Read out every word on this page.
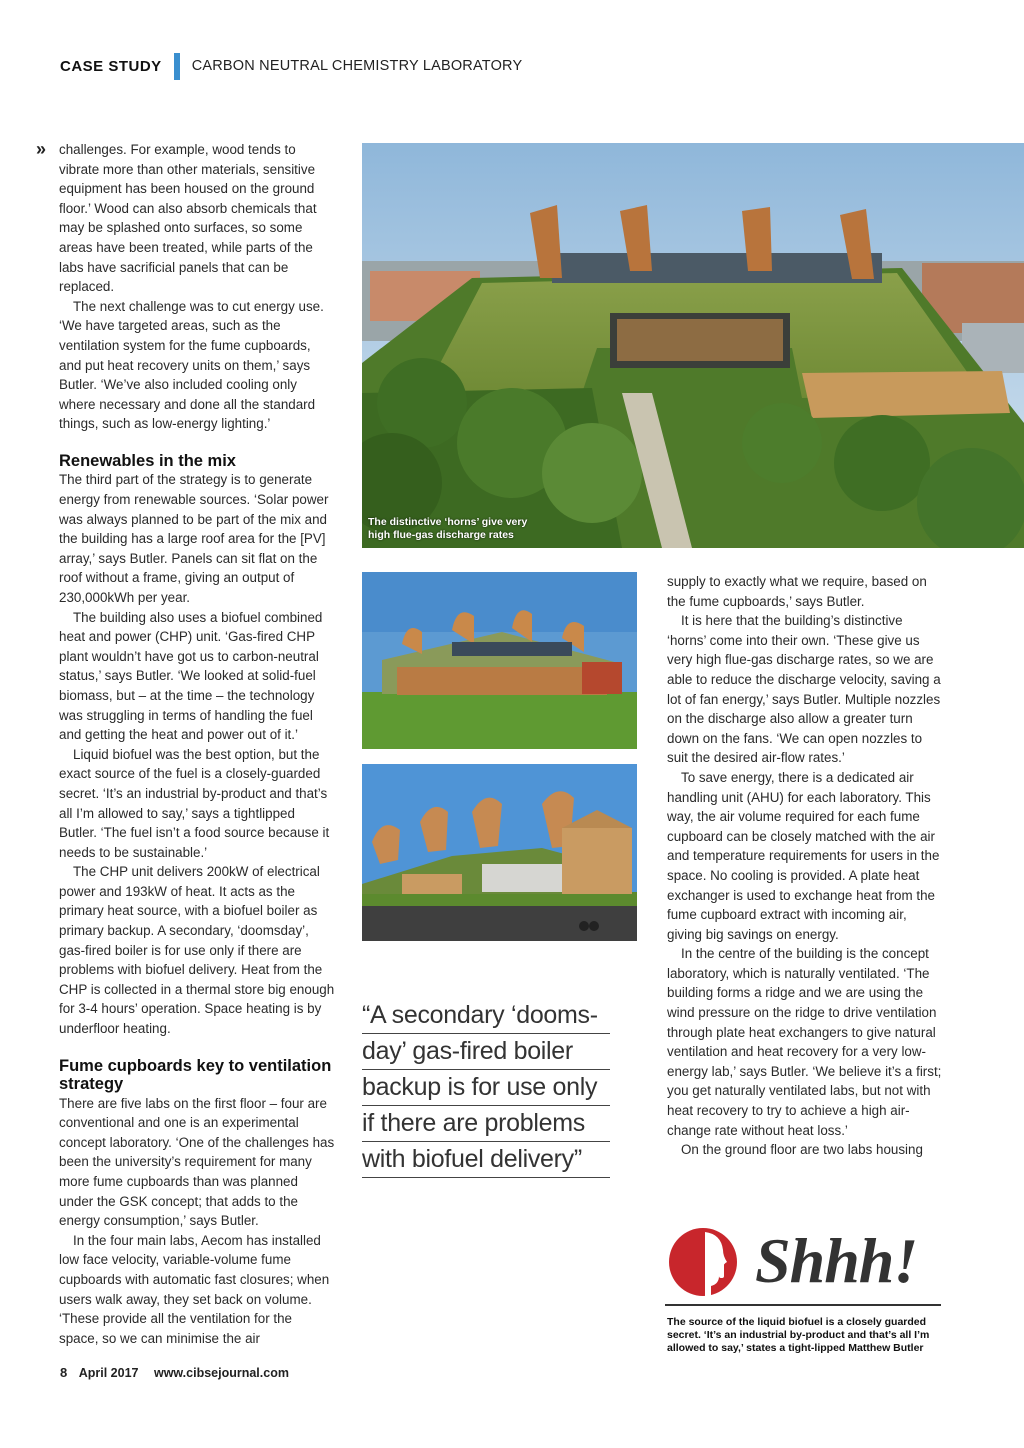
CASE STUDY CARBON NEUTRAL CHEMISTRY LABORATORY
» challenges. For example, wood tends to vibrate more than other materials, sensitive equipment has been housed on the ground floor.’ Wood can also absorb chemicals that may be splashed onto surfaces, so some areas have been treated, while parts of the labs have sacrificial panels that can be replaced.

The next challenge was to cut energy use. ‘We have targeted areas, such as the ventilation system for the fume cupboards, and put heat recovery units on them,’ says Butler. ‘We’ve also included cooling only where necessary and done all the standard things, such as low-energy lighting.’

Renewables in the mix

The third part of the strategy is to generate energy from renewable sources. ‘Solar power was always planned to be part of the mix and the building has a large roof area for the [PV] array,’ says Butler. Panels can sit flat on the roof without a frame, giving an output of 230,000kWh per year.

The building also uses a biofuel combined heat and power (CHP) unit. ‘Gas-fired CHP plant wouldn’t have got us to carbon-neutral status,’ says Butler. ‘We looked at solid-fuel biomass, but – at the time – the technology was struggling in terms of handling the fuel and getting the heat and power out of it.’

Liquid biofuel was the best option, but the exact source of the fuel is a closely-guarded secret. ‘It’s an industrial by-product and that’s all I’m allowed to say,’ says a tightlipped Butler. ‘The fuel isn’t a food source because it needs to be sustainable.’

The CHP unit delivers 200kW of electrical power and 193kW of heat. It acts as the primary heat source, with a biofuel boiler as primary backup. A secondary, ‘doomsday’, gas-fired boiler is for use only if there are problems with biofuel delivery. Heat from the CHP is collected in a thermal store big enough for 3-4 hours’ operation. Space heating is by underfloor heating.

Fume cupboards key to ventilation strategy

There are five labs on the first floor – four are conventional and one is an experimental concept laboratory. ‘One of the challenges has been the university’s requirement for many more fume cupboards than was planned under the GSK concept; that adds to the energy consumption,’ says Butler.

In the four main labs, Aecom has installed low face velocity, variable-volume fume cupboards with automatic fast closures; when users walk away, they set back on volume. ‘These provide all the ventilation for the space, so we can minimise the air

The distinctive ‘horns’ give very high flue-gas discharge rates
“A secondary ‘dooms-
day’ gas-fired boiler
backup is for use only
if there are problems
with biofuel delivery”

supply to exactly what we require, based on the fume cupboards,’ says Butler.

It is here that the building’s distinctive ‘horns’ come into their own. ‘These give us very high flue-gas discharge rates, so we are able to reduce the discharge velocity, saving a lot of fan energy,’ says Butler. Multiple nozzles on the discharge also allow a greater turn down on the fans. ‘We can open nozzles to suit the desired air-flow rates.’

To save energy, there is a dedicated air handling unit (AHU) for each laboratory. This way, the air volume required for each fume cupboard can be closely matched with the air and temperature requirements for users in the space. No cooling is provided. A plate heat exchanger is used to exchange heat from the fume cupboard extract with incoming air, giving big savings on energy.

In the centre of the building is the concept laboratory, which is naturally ventilated. ‘The building forms a ridge and we are using the wind pressure on the ridge to drive ventilation through plate heat exchangers to give natural ventilation and heat recovery for a very low-energy lab,’ says Butler. ‘We believe it’s a first; you get naturally ventilated labs, but not with heat recovery to try to achieve a high air-change rate without heat loss.’

On the ground floor are two labs housing

Shhh!
The source of the liquid biofuel is a closely guarded secret. ‘It’s an industrial by-product and that’s all I’m allowed to say,’ states a tight-lipped Matthew Butler
8 April 2017 www.cibsejournal.com
